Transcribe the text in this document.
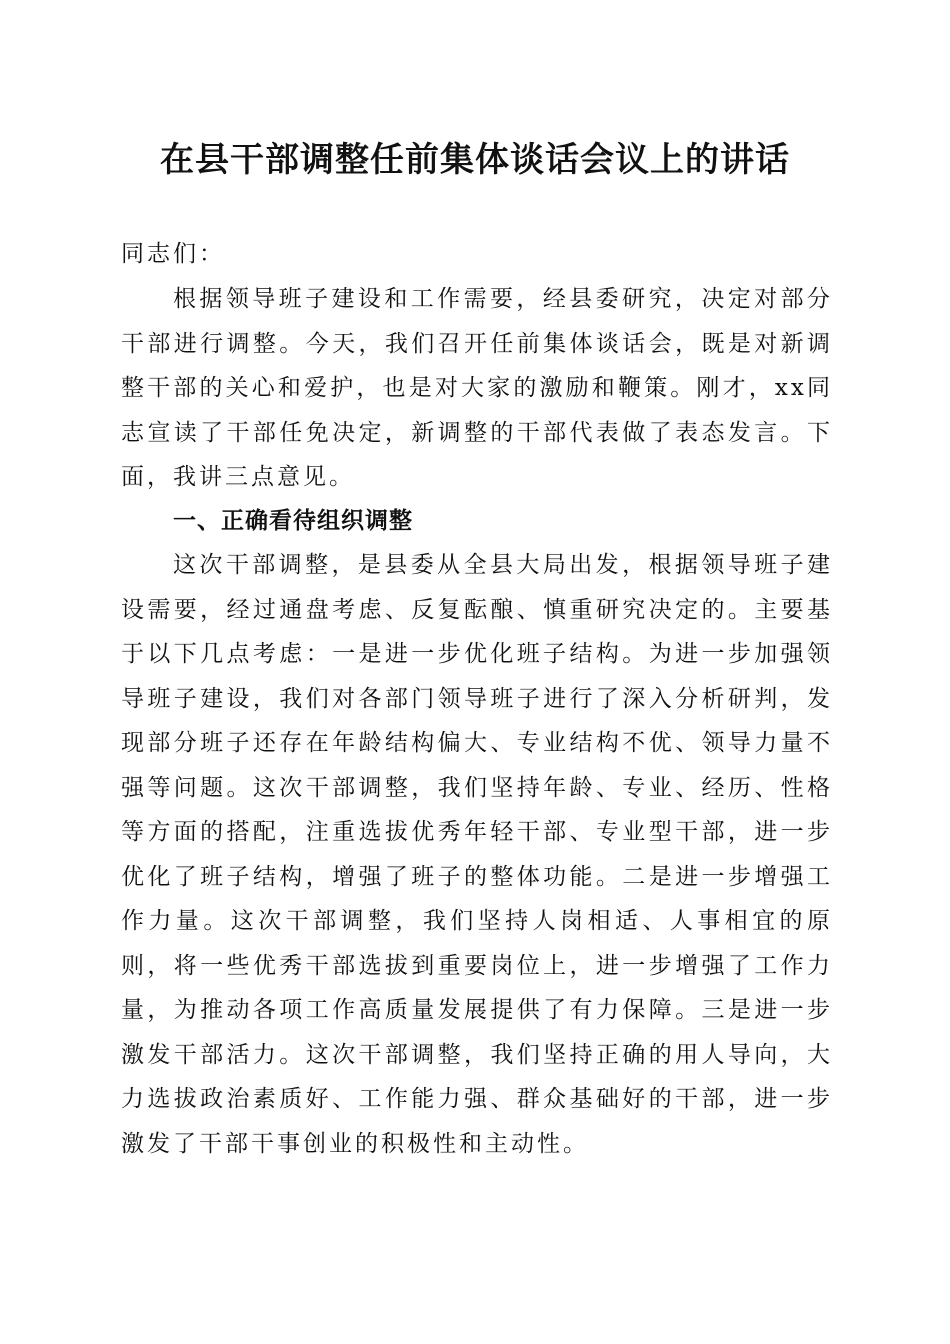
在县干部调整任前集体谈话会议上的讲话
同志们：
根据领导班子建设和工作需要，经县委研究，决定对部分干部进行调整。今天，我们召开任前集体谈话会，既是对新调整干部的关心和爱护，也是对大家的激励和鞭策。刚才，xx同志宣读了干部任免决定，新调整的干部代表做了表态发言。下面，我讲三点意见。
一、正确看待组织调整
这次干部调整，是县委从全县大局出发，根据领导班子建设需要，经过通盘考虑、反复酝酿、慎重研究决定的。主要基于以下几点考虑：一是进一步优化班子结构。为进一步加强领导班子建设，我们对各部门领导班子进行了深入分析研判，发现部分班子还存在年龄结构偏大、专业结构不优、领导力量不强等问题。这次干部调整，我们坚持年龄、专业、经历、性格等方面的搭配，注重选拔优秀年轻干部、专业型干部，进一步优化了班子结构，增强了班子的整体功能。二是进一步增强工作力量。这次干部调整，我们坚持人岗相适、人事相宜的原则，将一些优秀干部选拔到重要岗位上，进一步增强了工作力量，为推动各项工作高质量发展提供了有力保障。三是进一步激发干部活力。这次干部调整，我们坚持正确的用人导向，大力选拔政治素质好、工作能力强、群众基础好的干部，进一步激发了干部干事创业的积极性和主动性。
